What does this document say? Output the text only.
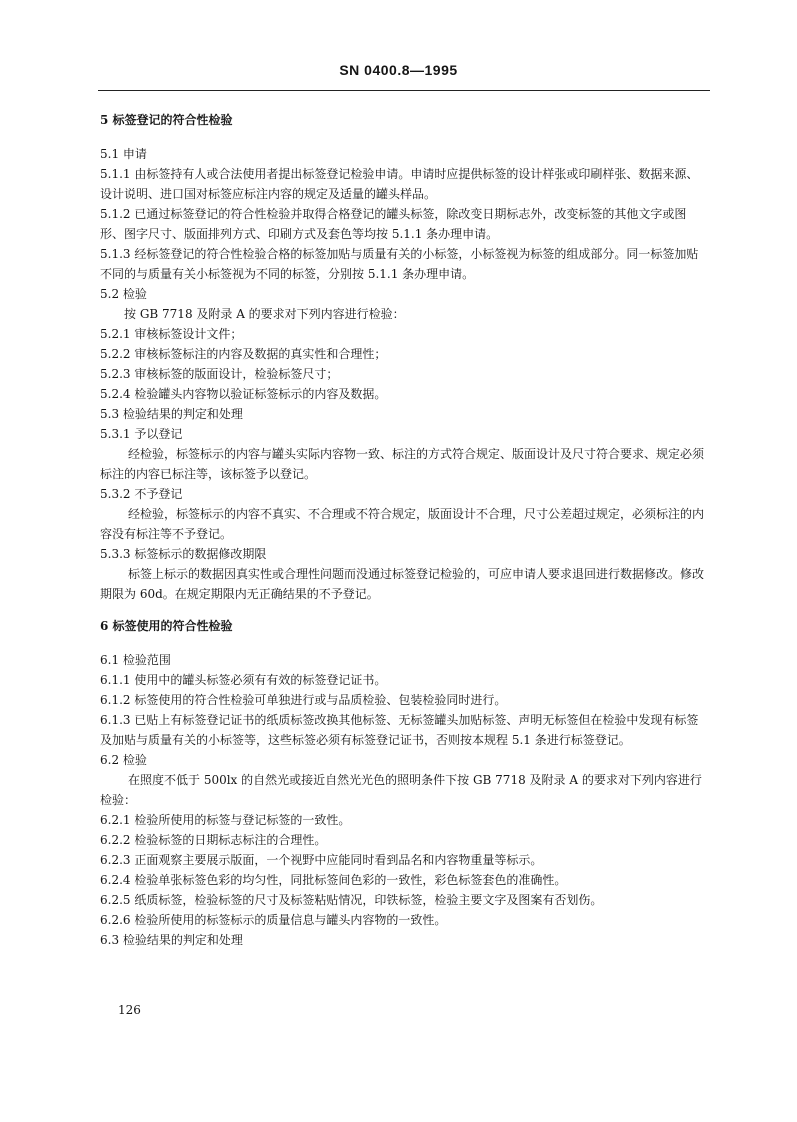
SN 0400.8—1995

5 标签登记的符合性检验

5.1 申请

5.1.1 由标签持有人或合法使用者提出标签登记检验申请。申请时应提供标签的设计样张或印刷样张、数据来源、设计说明、进口国对标签应标注内容的规定及适量的罐头样品。

5.1.2 已通过标签登记的符合性检验并取得合格登记的罐头标签，除改变日期标志外，改变标签的其他文字或图形、图字尺寸、版面排列方式、印刷方式及套色等均按 5.1.1 条办理申请。

5.1.3 经标签登记的符合性检验合格的标签加贴与质量有关的小标签，小标签视为标签的组成部分。同一标签加贴不同的与质量有关小标签视为不同的标签，分别按 5.1.1 条办理申请。

5.2 检验

按 GB 7718 及附录 A 的要求对下列内容进行检验：

5.2.1 审核标签设计文件；

5.2.2 审核标签标注的内容及数据的真实性和合理性；

5.2.3 审核标签的版面设计，检验标签尺寸；

5.2.4 检验罐头内容物以验证标签标示的内容及数据。

5.3 检验结果的判定和处理

5.3.1 予以登记

经检验，标签标示的内容与罐头实际内容物一致、标注的方式符合规定、版面设计及尺寸符合要求、规定必须标注的内容已标注等，该标签予以登记。

5.3.2 不予登记

经检验，标签标示的内容不真实、不合理或不符合规定，版面设计不合理，尺寸公差超过规定，必须标注的内容没有标注等不予登记。

5.3.3 标签标示的数据修改期限

标签上标示的数据因真实性或合理性问题而没通过标签登记检验的，可应申请人要求退回进行数据修改。修改期限为 60d。在规定期限内无正确结果的不予登记。

6 标签使用的符合性检验

6.1 检验范围

6.1.1 使用中的罐头标签必须有有效的标签登记证书。

6.1.2 标签使用的符合性检验可单独进行或与品质检验、包装检验同时进行。

6.1.3 已贴上有标签登记证书的纸质标签改换其他标签、无标签罐头加贴标签、声明无标签但在检验中发现有标签及加贴与质量有关的小标签等，这些标签必须有标签登记证书，否则按本规程 5.1 条进行标签登记。

6.2 检验

在照度不低于 500lx 的自然光或接近自然光光色的照明条件下按 GB 7718 及附录 A 的要求对下列内容进行检验：

6.2.1 检验所使用的标签与登记标签的一致性。

6.2.2 检验标签的日期标志标注的合理性。

6.2.3 正面观察主要展示版面，一个视野中应能同时看到品名和内容物重量等标示。

6.2.4 检验单张标签色彩的均匀性，同批标签间色彩的一致性，彩色标签套色的准确性。

6.2.5 纸质标签，检验标签的尺寸及标签粘贴情况，印铁标签，检验主要文字及图案有否划伤。

6.2.6 检验所使用的标签标示的质量信息与罐头内容物的一致性。

6.3 检验结果的判定和处理

126
